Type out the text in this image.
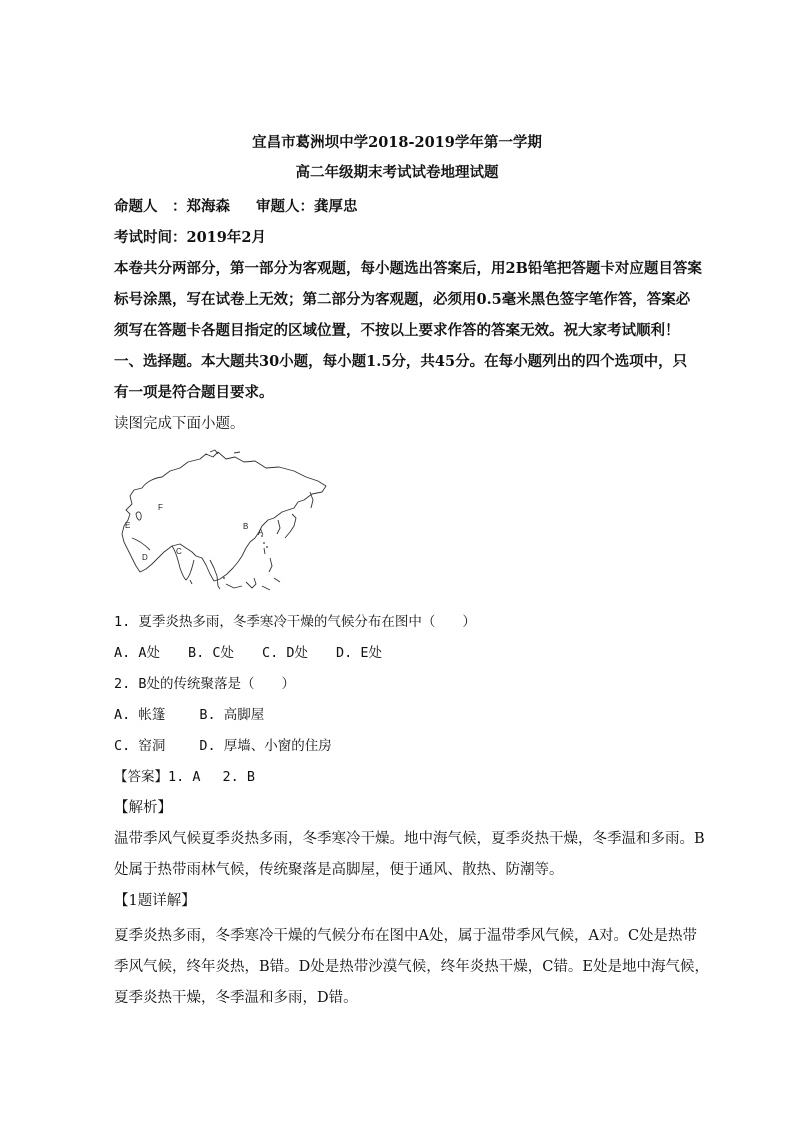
宜昌市葛洲坝中学2018-2019学年第一学期
高二年级期末考试试卷地理试题
命题人　：郑海森 审题人：龚厚忠
考试时间：2019年2月
本卷共分两部分，第一部分为客观题，每小题选出答案后，用2B铅笔把答题卡对应题目答案
标号涂黑，写在试卷上无效；第二部分为客观题，必须用0.5毫米黑色签字笔作答，答案必
须写在答题卡各题目指定的区域位置，不按以上要求作答的答案无效。祝大家考试顺利！
一、选择题。本大题共30小题，每小题1.5分，共45分。在每小题列出的四个选项中，只
有一项是符合题目要求。
读图完成下面小题。
F
B
A
C
D
E
1. 夏季炎热多雨，冬季寒冷干燥的气候分布在图中（　　）
A. A处 B. C处 C. D处 D. E处
2. B处的传统聚落是（　　）
A. 帐篷	B. 高脚屋
C. 窑洞	D. 厚墙、小窗的住房
【答案】1. A 2. B
【解析】
温带季风气候夏季炎热多雨，冬季寒冷干燥。地中海气候，夏季炎热干燥，冬季温和多雨。B
处属于热带雨林气候，传统聚落是高脚屋，便于通风、散热、防潮等。
【1题详解】
夏季炎热多雨，冬季寒冷干燥的气候分布在图中A处，属于温带季风气候，A对。C处是热带
季风气候，终年炎热，B错。D处是热带沙漠气候，终年炎热干燥，C错。E处是地中海气候，
夏季炎热干燥，冬季温和多雨，D错。
